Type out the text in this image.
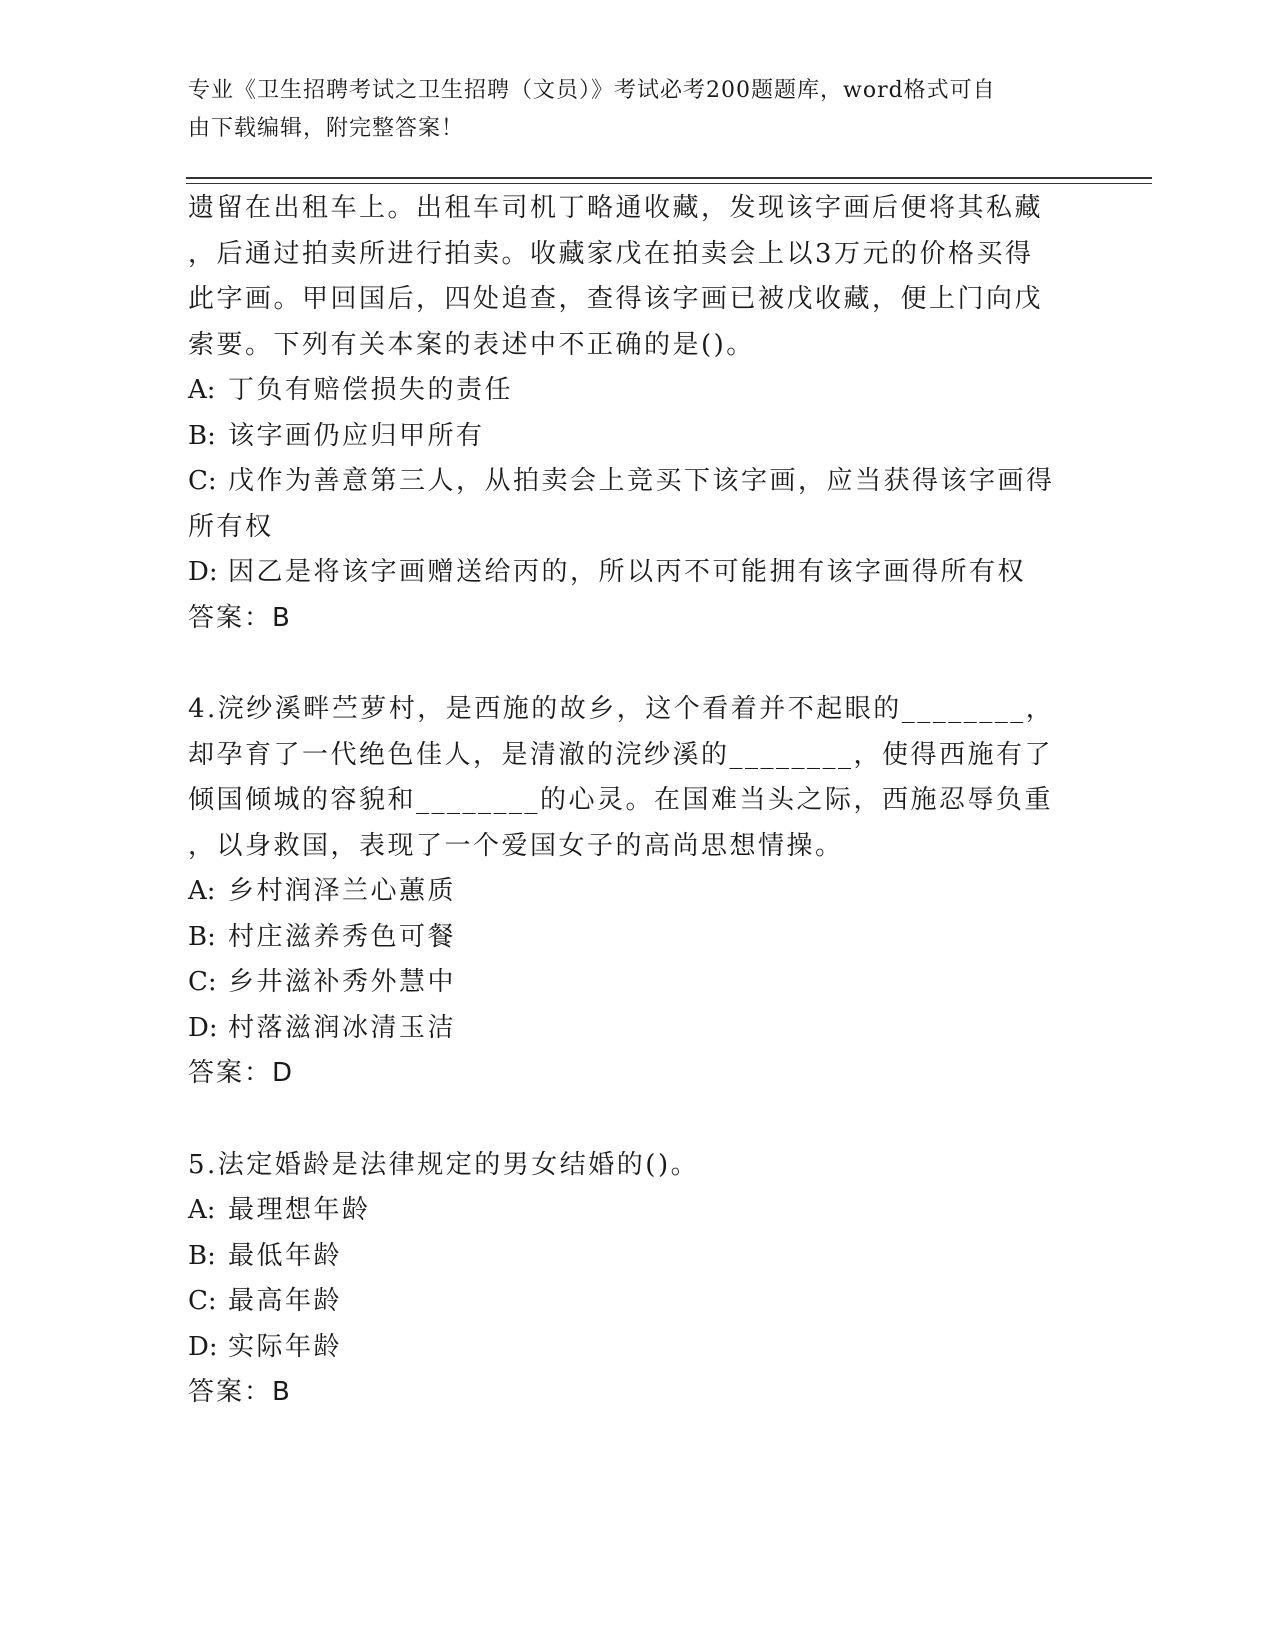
专业《卫生招聘考试之卫生招聘（文员）》考试必考200题题库，word格式可自
由下载编辑，附完整答案！
遗留在出租车上。出租车司机丁略通收藏，发现该字画后便将其私藏
，后通过拍卖所进行拍卖。收藏家戊在拍卖会上以3万元的价格买得
此字画。甲回国后，四处追查，查得该字画已被戊收藏，便上门向戊
索要。下列有关本案的表述中不正确的是()。
A: 丁负有赔偿损失的责任
B: 该字画仍应归甲所有
C: 戊作为善意第三人，从拍卖会上竞买下该字画，应当获得该字画得
所有权
D: 因乙是将该字画赠送给丙的，所以丙不可能拥有该字画得所有权
答案：B
4.浣纱溪畔苎萝村，是西施的故乡，这个看着并不起眼的________，
却孕育了一代绝色佳人，是清澈的浣纱溪的________，使得西施有了
倾国倾城的容貌和________的心灵。在国难当头之际，西施忍辱负重
，以身救国，表现了一个爱国女子的高尚思想情操。
A: 乡村润泽兰心蕙质
B: 村庄滋养秀色可餐
C: 乡井滋补秀外慧中
D: 村落滋润冰清玉洁
答案：D
5.法定婚龄是法律规定的男女结婚的()。
A: 最理想年龄
B: 最低年龄
C: 最高年龄
D: 实际年龄
答案：B
